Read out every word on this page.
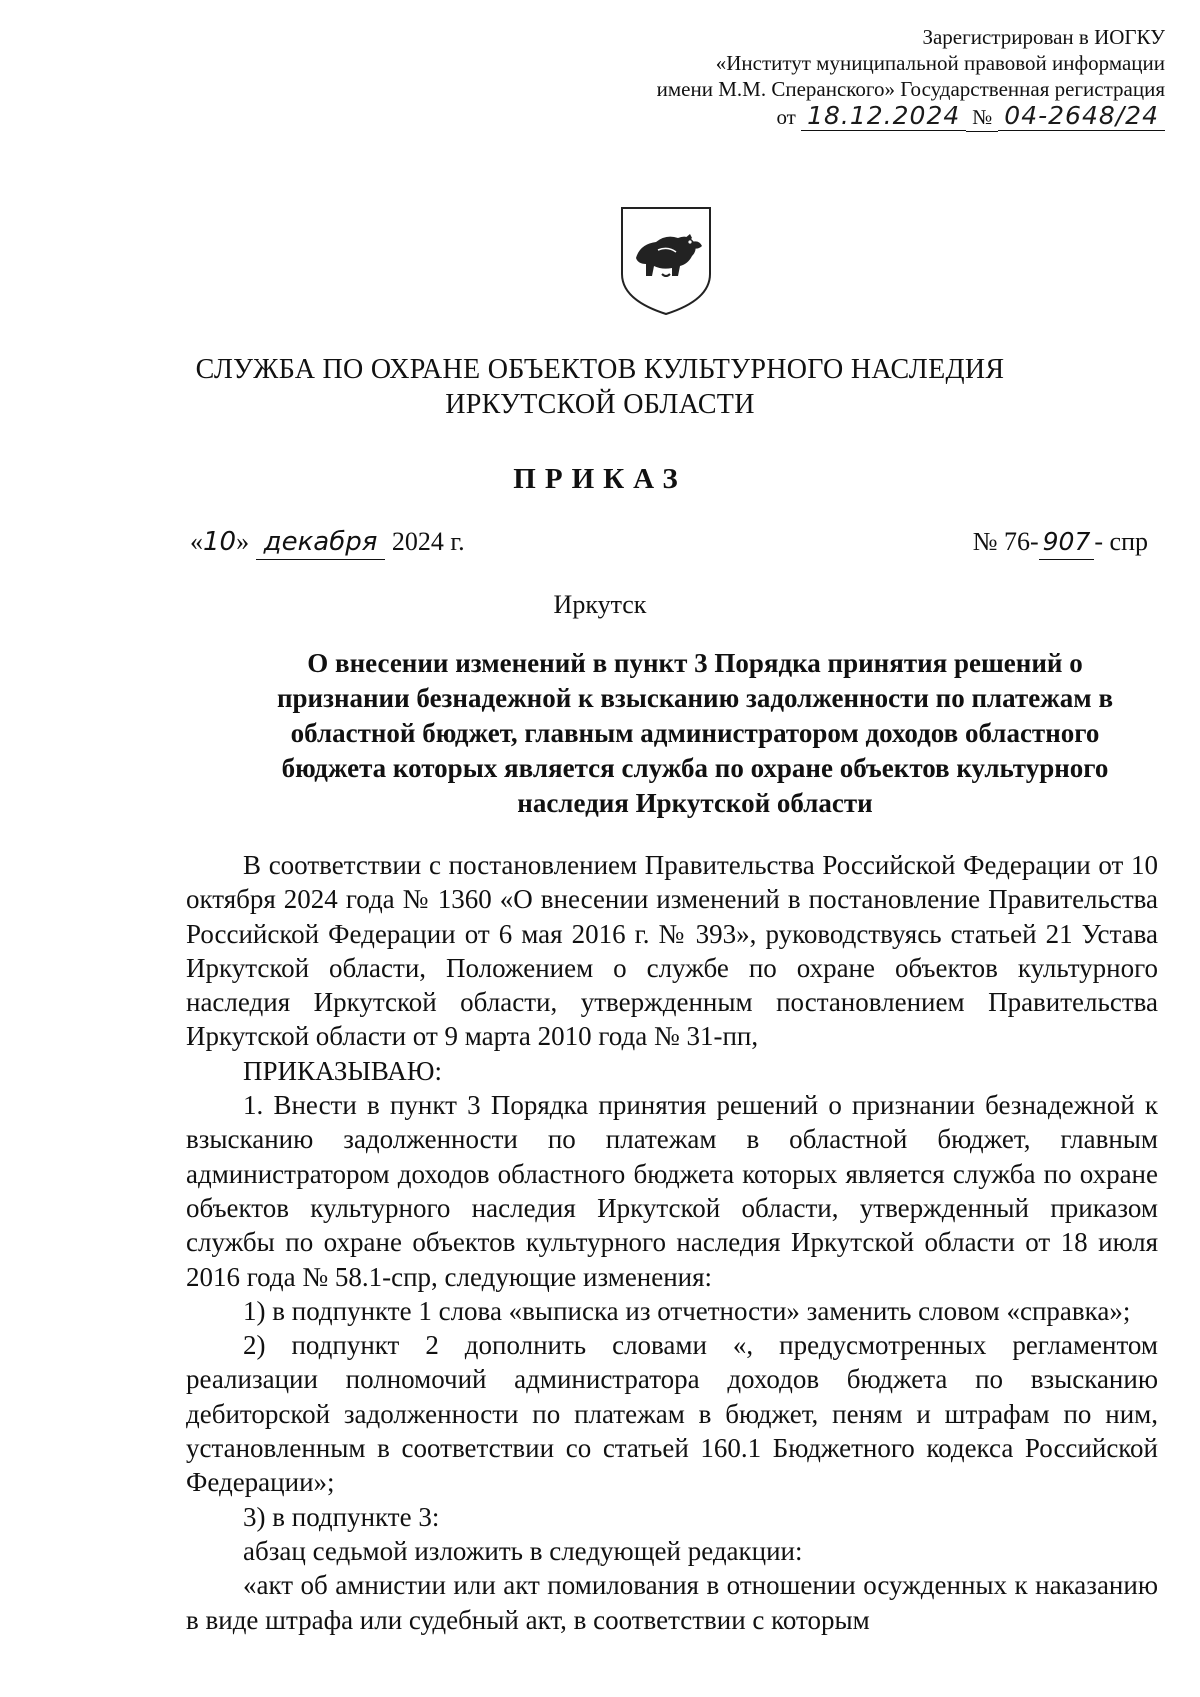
Зарегистрирован в ИОГКУ
«Институт муниципальной правовой информации
имени М.М. Сперанского» Государственная регистрация
от 18.12.2024 № 04-2648/24
СЛУЖБА ПО ОХРАНЕ ОБЪЕКТОВ КУЛЬТУРНОГО НАСЛЕДИЯ
ИРКУТСКОЙ ОБЛАСТИ
ПРИКАЗ
«10» декабря 2024 г.	№ 76- 907 - спр
Иркутск
О внесении изменений в пункт 3 Порядка принятия решений о признании безнадежной к взысканию задолженности по платежам в областной бюджет, главным администратором доходов областного бюджета которых является служба по охране объектов культурного наследия Иркутской области

В соответствии с постановлением Правительства Российской Федерации от 10 октября 2024 года № 1360 «О внесении изменений в постановление Правительства Российской Федерации от 6 мая 2016 г. № 393», руководствуясь статьей 21 Устава Иркутской области, Положением о службе по охране объектов культурного наследия Иркутской области, утвержденным постановлением Правительства Иркутской области от 9 марта 2010 года № 31-пп,

ПРИКАЗЫВАЮ:

1. Внести в пункт 3 Порядка принятия решений о признании безнадежной к взысканию задолженности по платежам в областной бюджет, главным администратором доходов областного бюджета которых является служба по охране объектов культурного наследия Иркутской области, утвержденный приказом службы по охране объектов культурного наследия Иркутской области от 18 июля 2016 года № 58.1-спр, следующие изменения:

1) в подпункте 1 слова «выписка из отчетности» заменить словом «справка»;

2) подпункт 2 дополнить словами «, предусмотренных регламентом реализации полномочий администратора доходов бюджета по взысканию дебиторской задолженности по платежам в бюджет, пеням и штрафам по ним, установленным в соответствии со статьей 160.1 Бюджетного кодекса Российской Федерации»;

3) в подпункте 3:

абзац седьмой изложить в следующей редакции:

«акт об амнистии или акт помилования в отношении осужденных к наказанию в виде штрафа или судебный акт, в соответствии с которым
